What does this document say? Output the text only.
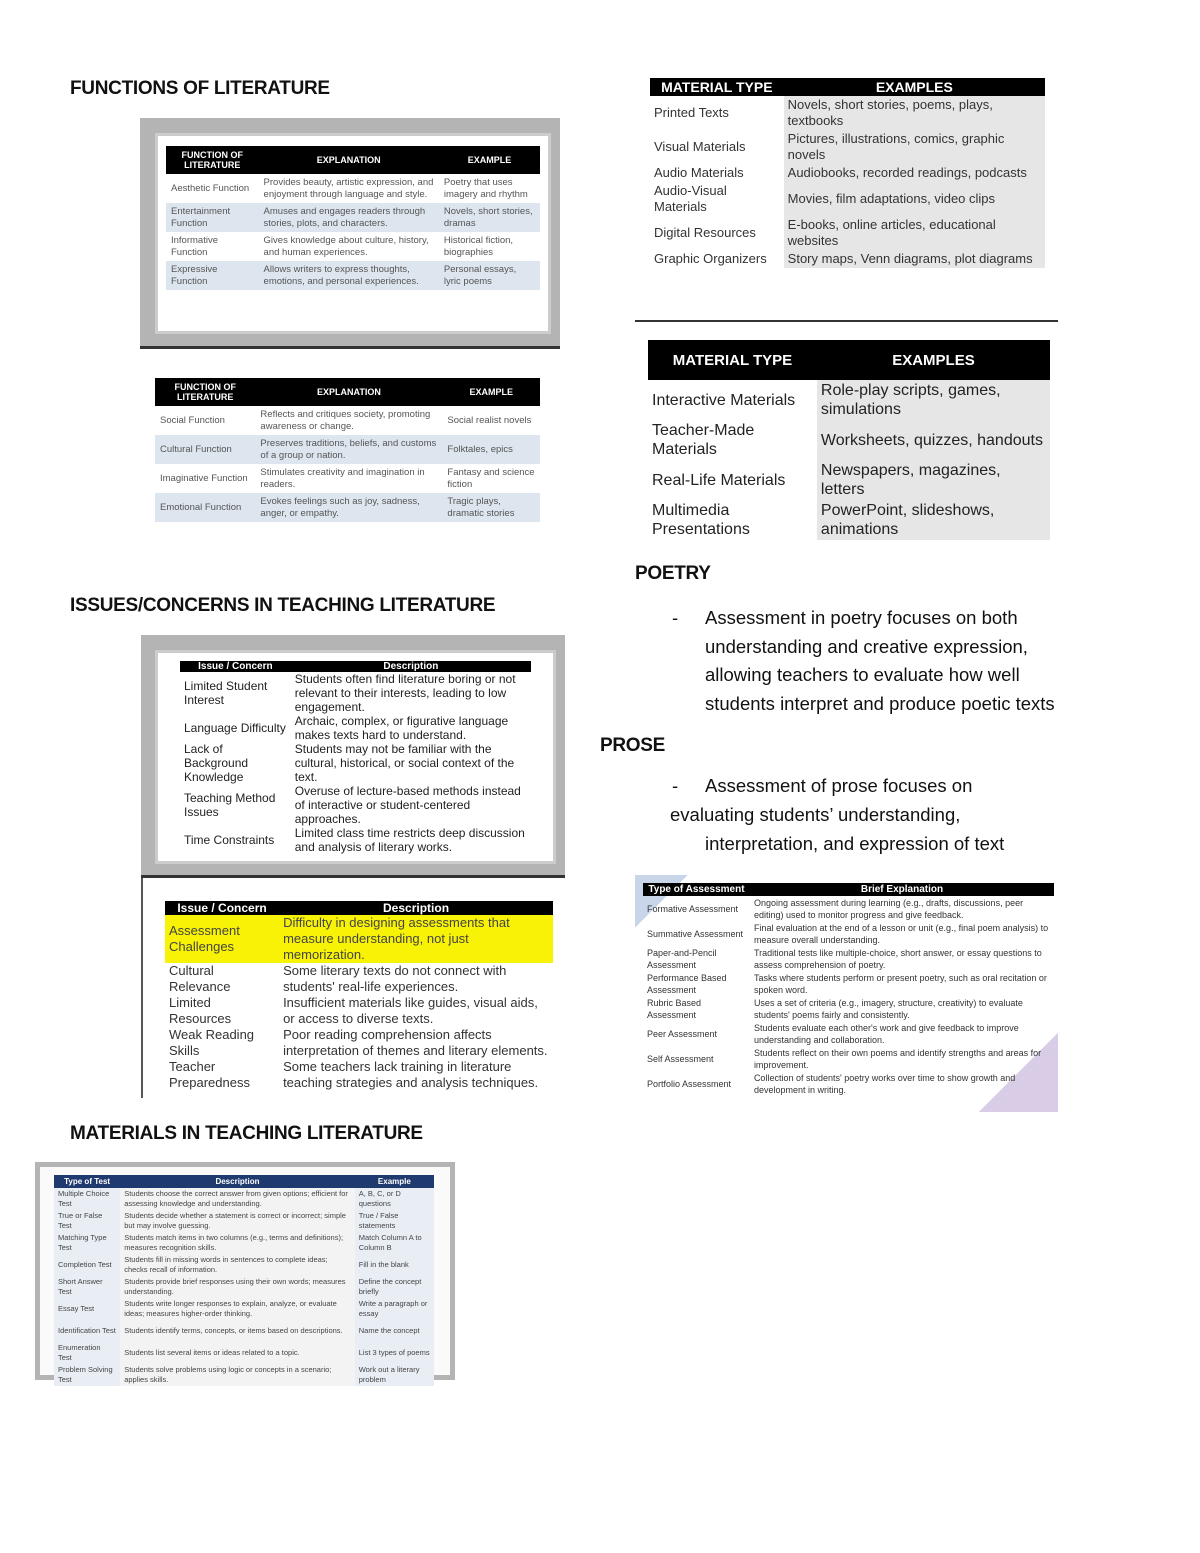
FUNCTIONS OF LITERATURE
ISSUES/CONCERNS IN TEACHING LITERATURE
MATERIALS IN TEACHING LITERATURE
FUNCTION OF LITERATURE	EXPLANATION	EXAMPLE
Aesthetic Function	Provides beauty, artistic expression, and enjoyment through language and style.	Poetry that uses imagery and rhythm
Entertainment Function	Amuses and engages readers through stories, plots, and characters.	Novels, short stories, dramas
Informative Function	Gives knowledge about culture, history, and human experiences.	Historical fiction, biographies
Expressive Function	Allows writers to express thoughts, emotions, and personal experiences.	Personal essays, lyric poems
FUNCTION OF LITERATURE	EXPLANATION	EXAMPLE
Social Function	Reflects and critiques society, promoting awareness or change.	Social realist novels
Cultural Function	Preserves traditions, beliefs, and customs of a group or nation.	Folktales, epics
Imaginative Function	Stimulates creativity and imagination in readers.	Fantasy and science fiction
Emotional Function	Evokes feelings such as joy, sadness, anger, or empathy.	Tragic plays, dramatic stories
Issue / Concern	Description
Limited Student Interest	Students often find literature boring or not relevant to their interests, leading to low engagement.
Language Difficulty	Archaic, complex, or figurative language makes texts hard to understand.
Lack of Background Knowledge	Students may not be familiar with the cultural, historical, or social context of the text.
Teaching Method Issues	Overuse of lecture-based methods instead of interactive or student-centered approaches.
Time Constraints	Limited class time restricts deep discussion and analysis of literary works.
Issue / Concern	Description
Assessment Challenges	Difficulty in designing assessments that measure understanding, not just memorization.
Cultural Relevance	Some literary texts do not connect with students' real-life experiences.
Limited Resources	Insufficient materials like guides, visual aids, or access to diverse texts.
Weak Reading Skills	Poor reading comprehension affects interpretation of themes and literary elements.
Teacher Preparedness	Some teachers lack training in literature teaching strategies and analysis techniques.
Type of Test	Description	Example
Multiple Choice Test	Students choose the correct answer from given options; efficient for assessing knowledge and understanding.	A, B, C, or D questions
True or False Test	Students decide whether a statement is correct or incorrect; simple but may involve guessing.	True / False statements
Matching Type Test	Students match items in two columns (e.g., terms and definitions); measures recognition skills.	Match Column A to Column B
Completion Test	Students fill in missing words in sentences to complete ideas; checks recall of information.	Fill in the blank
Short Answer Test	Students provide brief responses using their own words; measures understanding.	Define the concept briefly
Essay Test	Students write longer responses to explain, analyze, or evaluate ideas; measures higher-order thinking.	Write a paragraph or essay
Identification Test	Students identify terms, concepts, or items based on descriptions.	Name the concept
Enumeration Test	Students list several items or ideas related to a topic.	List 3 types of poems
Problem Solving Test	Students solve problems using logic or concepts in a scenario; applies skills.	Work out a literary problem
MATERIAL TYPE	EXAMPLES
Printed Texts	Novels, short stories, poems, plays, textbooks
Visual Materials	Pictures, illustrations, comics, graphic novels
Audio Materials	Audiobooks, recorded readings, podcasts
Audio-Visual Materials	Movies, film adaptations, video clips
Digital Resources	E-books, online articles, educational websites
Graphic Organizers	Story maps, Venn diagrams, plot diagrams

MATERIAL TYPE	EXAMPLES
Interactive Materials	Role-play scripts, games, simulations
Teacher-Made Materials	Worksheets, quizzes, handouts
Real-Life Materials	Newspapers, magazines, letters
Multimedia Presentations	PowerPoint, slideshows, animations
POETRY
- Assessment in poetry focuses on both
understanding and creative expression,
allowing teachers to evaluate how well
students interpret and produce poetic texts
PROSE
- Assessment of prose focuses on
evaluating students’ understanding,
interpretation, and expression of text
Type of Assessment	Brief Explanation
Formative Assessment	Ongoing assessment during learning (e.g., drafts, discussions, peer editing) used to monitor progress and give feedback.
Summative Assessment	Final evaluation at the end of a lesson or unit (e.g., final poem analysis) to measure overall understanding.
Paper-and-Pencil Assessment	Traditional tests like multiple-choice, short answer, or essay questions to assess comprehension of poetry.
Performance Based Assessment	Tasks where students perform or present poetry, such as oral recitation or spoken word.
Rubric Based Assessment	Uses a set of criteria (e.g., imagery, structure, creativity) to evaluate students' poems fairly and consistently.
Peer Assessment	Students evaluate each other's work and give feedback to improve understanding and collaboration.
Self Assessment	Students reflect on their own poems and identify strengths and areas for improvement.
Portfolio Assessment	Collection of students' poetry works over time to show growth and development in writing.
